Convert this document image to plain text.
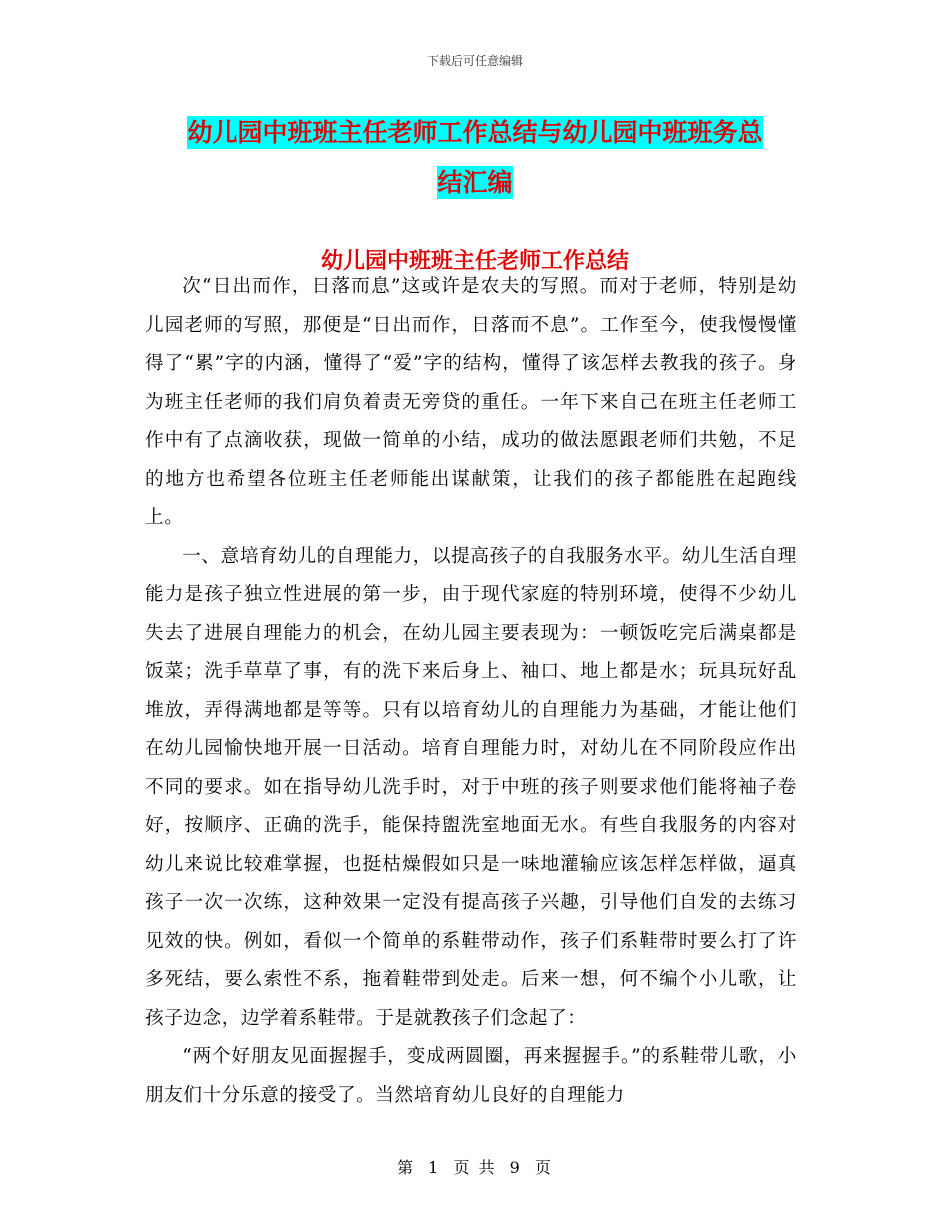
下载后可任意编辑
幼儿园中班班主任老师工作总结与幼儿园中班班务总
结汇编
幼儿园中班班主任老师工作总结

次“日出而作，日落而息”这或许是农夫的写照。而对于老师，特别是幼儿园老师的写照，那便是“日出而作，日落而不息”。工作至今，使我慢慢懂得了“累”字的内涵，懂得了“爱”字的结构，懂得了该怎样去教我的孩子。身为班主任老师的我们肩负着责无旁贷的重任。一年下来自己在班主任老师工作中有了点滴收获，现做一简单的小结，成功的做法愿跟老师们共勉，不足的地方也希望各位班主任老师能出谋献策，让我们的孩子都能胜在起跑线上。

一、意培育幼儿的自理能力，以提高孩子的自我服务水平。幼儿生活自理能力是孩子独立性进展的第一步，由于现代家庭的特别环境，使得不少幼儿失去了进展自理能力的机会，在幼儿园主要表现为：一顿饭吃完后满桌都是饭菜；洗手草草了事，有的洗下来后身上、袖口、地上都是水；玩具玩好乱堆放，弄得满地都是等等。只有以培育幼儿的自理能力为基础，才能让他们在幼儿园愉快地开展一日活动。培育自理能力时，对幼儿在不同阶段应作出不同的要求。如在指导幼儿洗手时，对于中班的孩子则要求他们能将袖子卷好，按顺序、正确的洗手，能保持盥洗室地面无水。有些自我服务的内容对幼儿来说比较难掌握，也挺枯燥假如只是一味地灌输应该怎样怎样做，逼真孩子一次一次练，这种效果一定没有提高孩子兴趣，引导他们自发的去练习见效的快。例如，看似一个简单的系鞋带动作，孩子们系鞋带时要么打了许多死结，要么索性不系，拖着鞋带到处走。后来一想，何不编个小儿歌，让孩子边念，边学着系鞋带。于是就教孩子们念起了：

“两个好朋友见面握握手，变成两圆圈，再来握握手。”的系鞋带儿歌，小朋友们十分乐意的接受了。当然培育幼儿良好的自理能力

第 1 页 共 9 页
